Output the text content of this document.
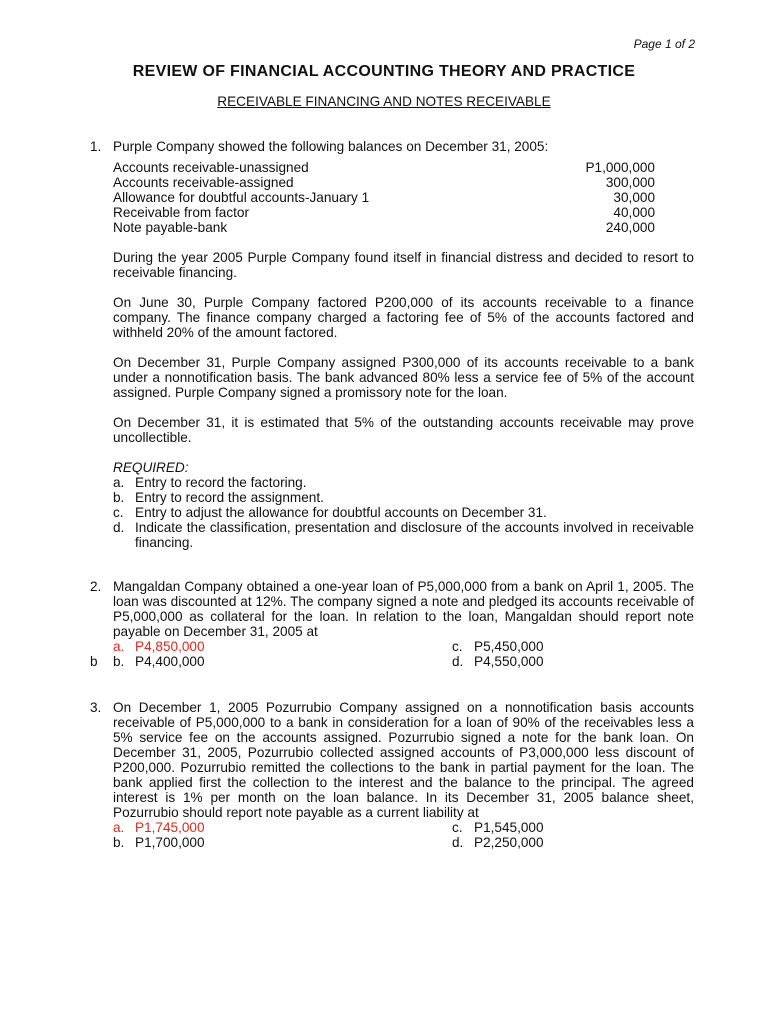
Page 1 of 2
REVIEW OF FINANCIAL ACCOUNTING THEORY AND PRACTICE
RECEIVABLE FINANCING AND NOTES RECEIVABLE
1. Purple Company showed the following balances on December 31, 2005:
Accounts receivable-unassigned	P1,000,000
Accounts receivable-assigned	300,000
Allowance for doubtful accounts-January 1	30,000
Receivable from factor	40,000
Note payable-bank	240,000
During the year 2005 Purple Company found itself in financial distress and decided to resort to receivable financing.
On June 30, Purple Company factored P200,000 of its accounts receivable to a finance company. The finance company charged a factoring fee of 5% of the accounts factored and withheld 20% of the amount factored.
On December 31, Purple Company assigned P300,000 of its accounts receivable to a bank under a nonnotification basis. The bank advanced 80% less a service fee of 5% of the account assigned. Purple Company signed a promissory note for the loan.
On December 31, it is estimated that 5% of the outstanding accounts receivable may prove uncollectible.
REQUIRED:
a. Entry to record the factoring.
b. Entry to record the assignment.
c. Entry to adjust the allowance for doubtful accounts on December 31.
d. Indicate the classification, presentation and disclosure of the accounts involved in receivable financing.
2. Mangaldan Company obtained a one-year loan of P5,000,000 from a bank on April 1, 2005. The loan was discounted at 12%. The company signed a note and pledged its accounts receivable of P5,000,000 as collateral for the loan. In relation to the loan, Mangaldan should report note payable on December 31, 2005 at
a. P4,850,000	c. P5,450,000
b. P4,400,000	d. P4,550,000
b
3. On December 1, 2005 Pozurrubio Company assigned on a nonnotification basis accounts receivable of P5,000,000 to a bank in consideration for a loan of 90% of the receivables less a 5% service fee on the accounts assigned. Pozurrubio signed a note for the bank loan. On December 31, 2005, Pozurrubio collected assigned accounts of P3,000,000 less discount of P200,000. Pozurrubio remitted the collections to the bank in partial payment for the loan. The bank applied first the collection to the interest and the balance to the principal. The agreed interest is 1% per month on the loan balance. In its December 31, 2005 balance sheet, Pozurrubio should report note payable as a current liability at
a. P1,745,000	c. P1,545,000
b. P1,700,000	d. P2,250,000
